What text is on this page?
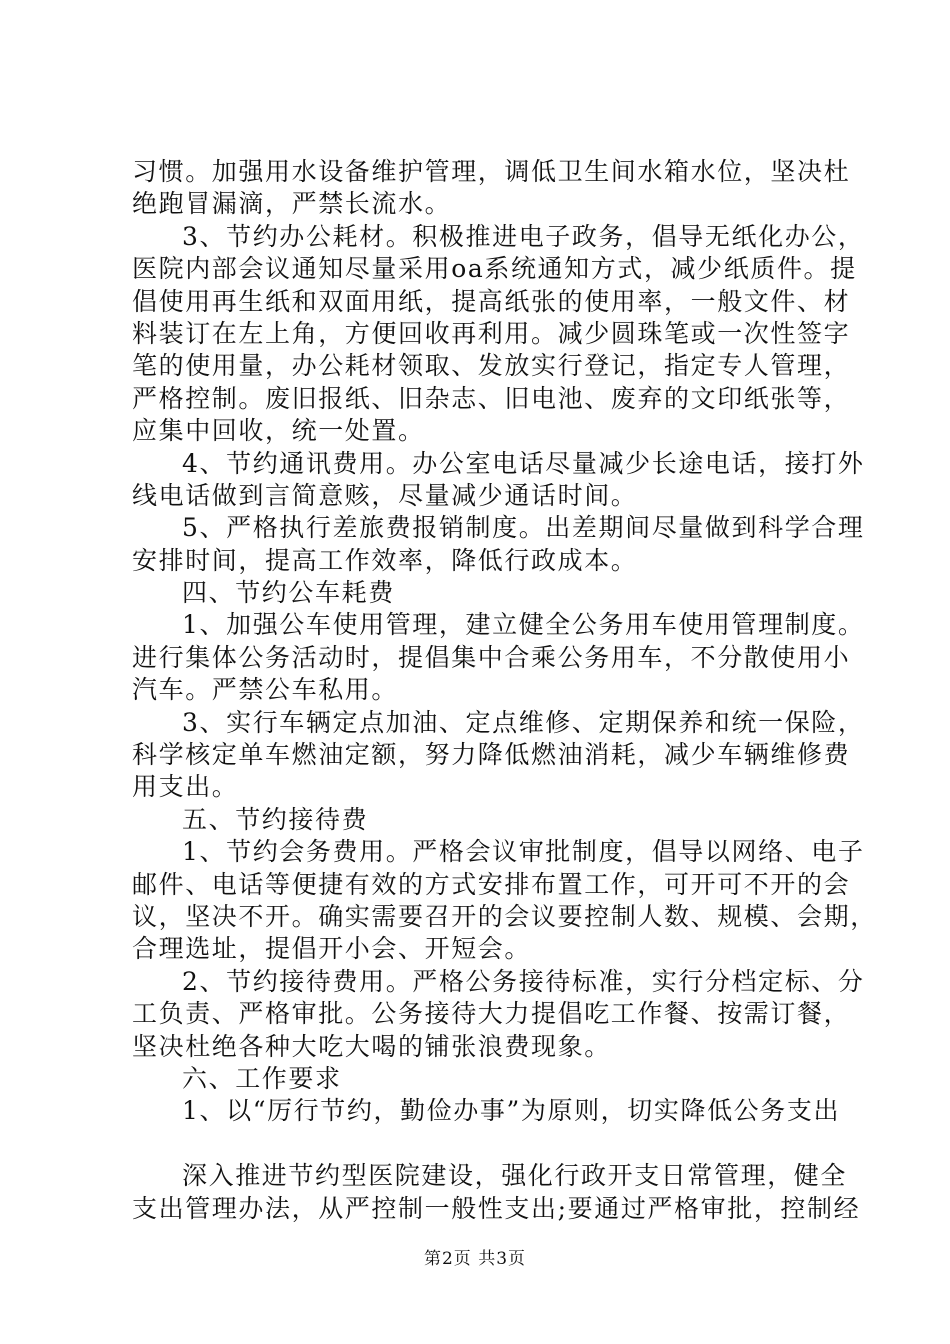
习惯。加强用水设备维护管理，调低卫生间水箱水位，坚决杜
绝跑冒漏滴，严禁长流水。
3、节约办公耗材。积极推进电子政务，倡导无纸化办公，
医院内部会议通知尽量采用oa系统通知方式，减少纸质件。提
倡使用再生纸和双面用纸，提高纸张的使用率，一般文件、材
料装订在左上角，方便回收再利用。减少圆珠笔或一次性签字
笔的使用量，办公耗材领取、发放实行登记，指定专人管理，
严格控制。废旧报纸、旧杂志、旧电池、废弃的文印纸张等，
应集中回收，统一处置。
4、节约通讯费用。办公室电话尽量减少长途电话，接打外
线电话做到言简意赅，尽量减少通话时间。
5、严格执行差旅费报销制度。出差期间尽量做到科学合理
安排时间，提高工作效率，降低行政成本。
四、节约公车耗费
1、加强公车使用管理，建立健全公务用车使用管理制度。
进行集体公务活动时，提倡集中合乘公务用车，不分散使用小
汽车。严禁公车私用。
3、实行车辆定点加油、定点维修、定期保养和统一保险，
科学核定单车燃油定额，努力降低燃油消耗，减少车辆维修费
用支出。
五、节约接待费
1、节约会务费用。严格会议审批制度，倡导以网络、电子
邮件、电话等便捷有效的方式安排布置工作，可开可不开的会
议，坚决不开。确实需要召开的会议要控制人数、规模、会期，
合理选址，提倡开小会、开短会。
2、节约接待费用。严格公务接待标准，实行分档定标、分
工负责、严格审批。公务接待大力提倡吃工作餐、按需订餐，
坚决杜绝各种大吃大喝的铺张浪费现象。
六、工作要求
1、以“厉行节约，勤俭办事”为原则，切实降低公务支出
深入推进节约型医院建设，强化行政开支日常管理，健全
支出管理办法，从严控制一般性支出;要通过严格审批，控制经
第2页 共3页
